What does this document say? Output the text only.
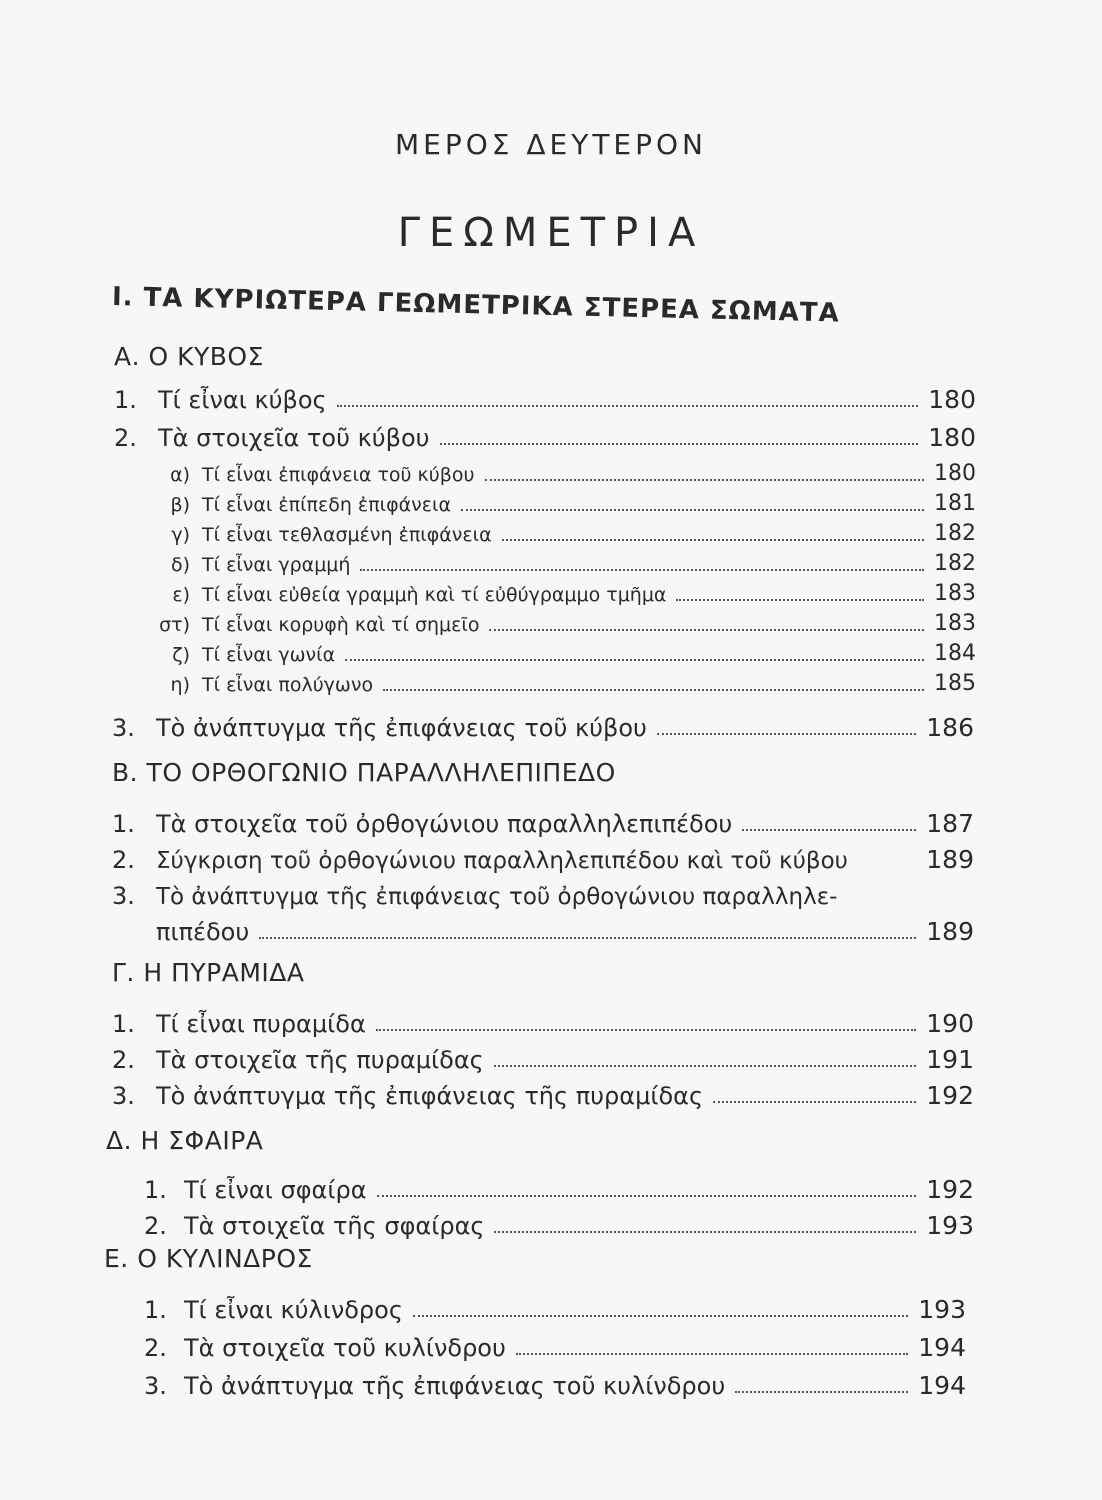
ΜΕΡΟΣ ΔΕΥΤΕΡΟΝ
ΓΕΩΜΕΤΡΙΑ
Ι. ΤΑ ΚΥΡΙΩΤΕΡΑ ΓΕΩΜΕΤΡΙΚΑ ΣΤΕΡΕΑ ΣΩΜΑΤΑ
Α. Ο ΚΥΒΟΣ
1. Τί εἶναι κύβος	180
2. Τὰ στοιχεῖα τοῦ κύβου	180
α) Τί εἶναι ἐπιφάνεια τοῦ κύβου	180
β) Τί εἶναι ἐπίπεδη ἐπιφάνεια	181
γ) Τί εἶναι τεθλασμένη ἐπιφάνεια	182
δ) Τί εἶναι γραμμή	182
ε) Τί εἶναι εὐθεία γραμμὴ καὶ τί εὐθύγραμμο τμῆμα	183
στ) Τί εἶναι κορυφὴ καὶ τί σημεῖο	183
ζ) Τί εἶναι γωνία	184
η) Τί εἶναι πολύγωνο	185
3. Τὸ ἀνάπτυγμα τῆς ἐπιφάνειας τοῦ κύβου	186
Β. ΤΟ ΟΡΘΟΓΩΝΙΟ ΠΑΡΑΛΛΗΛΕΠΙΠΕΔΟ
1. Τὰ στοιχεῖα τοῦ ὀρθογώνιου παραλληλεπιπέδου	187
2. Σύγκριση τοῦ ὀρθογώνιου παραλληλεπιπέδου καὶ τοῦ κύβου	189
3. Τὸ ἀνάπτυγμα τῆς ἐπιφάνειας τοῦ ὀρθογώνιου παραλληλε-
πιπέδου	189
Γ. Η ΠΥΡΑΜΙΔΑ
1. Τί εἶναι πυραμίδα	190
2. Τὰ στοιχεῖα τῆς πυραμίδας	191
3. Τὸ ἀνάπτυγμα τῆς ἐπιφάνειας τῆς πυραμίδας	192
Δ. Η ΣΦΑΙΡΑ
1. Τί εἶναι σφαίρα	192
2. Τὰ στοιχεῖα τῆς σφαίρας	193
Ε. Ο ΚΥΛΙΝΔΡΟΣ
1. Τί εἶναι κύλινδρος	193
2. Τὰ στοιχεῖα τοῦ κυλίνδρου	194
3. Τὸ ἀνάπτυγμα τῆς ἐπιφάνειας τοῦ κυλίνδρου	194
